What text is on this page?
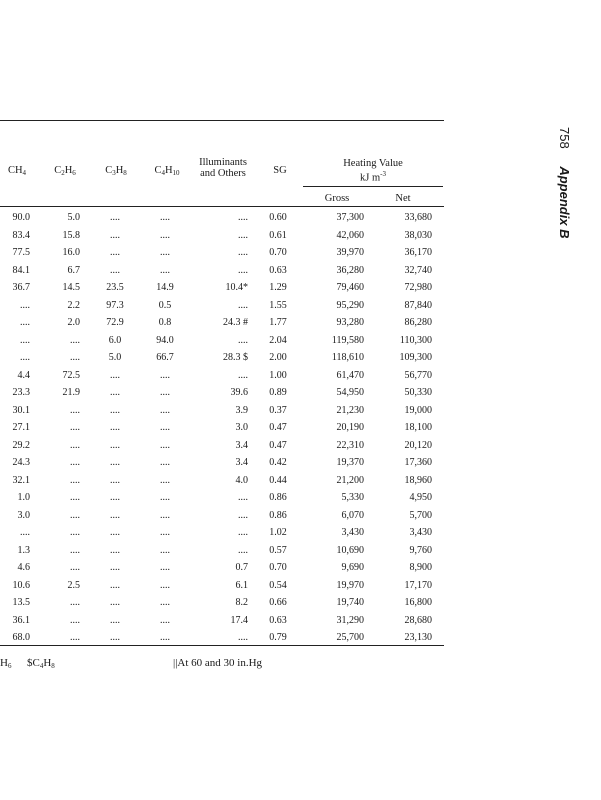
$CH_4$	$C_2H_6$	$C_3H_8$	$C_4H_{10}$
Illuminants
and Others	SG
Heating Value
kJ $m^{-3}$
Gross	Net
90.0	5.0	....	....	....	0.60	37,300	33,680
83.4	15.8	....	....	....	0.61	42,060	38,030
77.5	16.0	....	....	....	0.70	39,970	36,170
84.1	6.7	....	....	....	0.63	36,280	32,740
36.7	14.5	23.5	14.9	10.4*	1.29	79,460	72,980
....	2.2	97.3	0.5	....	1.55	95,290	87,840
....	2.0	72.9	0.8	24.3 #	1.77	93,280	86,280
....	....	6.0	94.0	....	2.04	119,580	110,300
....	....	5.0	66.7	28.3 $	2.00	118,610	109,300
4.4	72.5	....	....	....	1.00	61,470	56,770
23.3	21.9	....	....	39.6	0.89	54,950	50,330
30.1	....	....	....	3.9	0.37	21,230	19,000
27.1	....	....	....	3.0	0.47	20,190	18,100
29.2	....	....	....	3.4	0.47	22,310	20,120
24.3	....	....	....	3.4	0.42	19,370	17,360
32.1	....	....	....	4.0	0.44	21,200	18,960
1.0	....	....	....	....	0.86	5,330	4,950
3.0	....	....	....	....	0.86	6,070	5,700
....	....	....	....	....	1.02	3,430	3,430
1.3	....	....	....	....	0.57	10,690	9,760
4.6	....	....	....	0.7	0.70	9,690	8,900
10.6	2.5	....	....	6.1	0.54	19,970	17,170
13.5	....	....	....	8.2	0.66	19,740	16,800
36.1	....	....	....	17.4	0.63	31,290	28,680
68.0	....	....	....	....	0.79	25,700	23,130
$H_6$ $\$C_4H_8$	||At 60 and 30 in.Hg
758 Appendix B
